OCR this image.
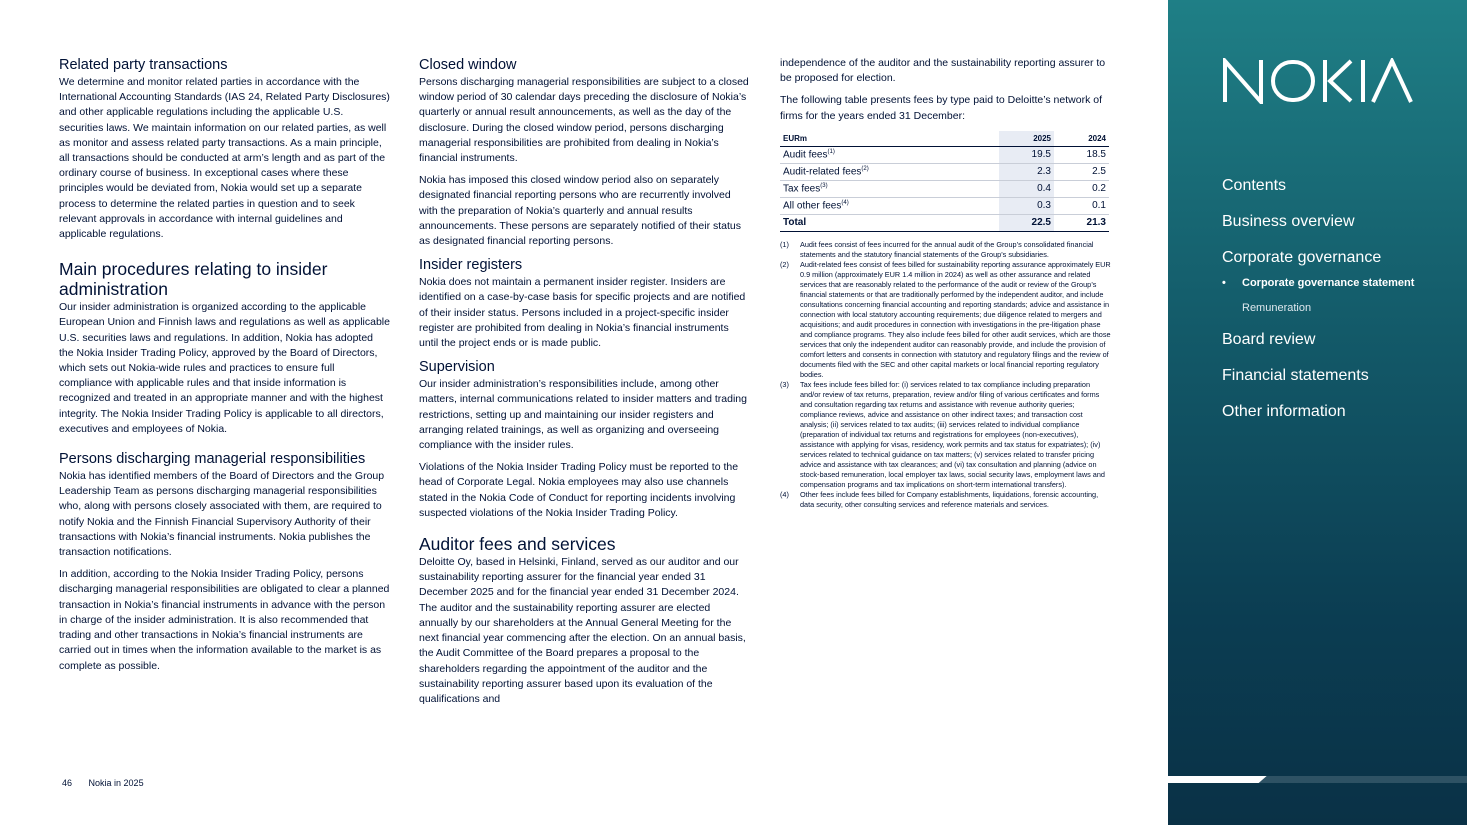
Related party transactions

We determine and monitor related parties in accordance with the International Accounting Standards (IAS 24, Related Party Disclosures) and other applicable regulations including the applicable U.S. securities laws. We maintain information on our related parties, as well as monitor and assess related party transactions. As a main principle, all transactions should be conducted at arm’s length and as part of the ordinary course of business. In exceptional cases where these principles would be deviated from, Nokia would set up a separate process to determine the related parties in question and to seek relevant approvals in accordance with internal guidelines and applicable regulations.

Main procedures relating to insider administration

Our insider administration is organized according to the applicable European Union and Finnish laws and regulations as well as applicable U.S. securities laws and regulations. In addition, Nokia has adopted the Nokia Insider Trading Policy, approved by the Board of Directors, which sets out Nokia-wide rules and practices to ensure full compliance with applicable rules and that inside information is recognized and treated in an appropriate manner and with the highest integrity. The Nokia Insider Trading Policy is applicable to all directors, executives and employees of Nokia.

Persons discharging managerial responsibilities

Nokia has identified members of the Board of Directors and the Group Leadership Team as persons discharging managerial responsibilities who, along with persons closely associated with them, are required to notify Nokia and the Finnish Financial Supervisory Authority of their transactions with Nokia’s financial instruments. Nokia publishes the transaction notifications.

In addition, according to the Nokia Insider Trading Policy, persons discharging managerial responsibilities are obligated to clear a planned transaction in Nokia’s financial instruments in advance with the person in charge of the insider administration. It is also recommended that trading and other transactions in Nokia’s financial instruments are carried out in times when the information available to the market is as complete as possible.

Closed window

Persons discharging managerial responsibilities are subject to a closed window period of 30 calendar days preceding the disclosure of Nokia’s quarterly or annual result announcements, as well as the day of the disclosure. During the closed window period, persons discharging managerial responsibilities are prohibited from dealing in Nokia’s financial instruments.

Nokia has imposed this closed window period also on separately designated financial reporting persons who are recurrently involved with the preparation of Nokia’s quarterly and annual results announcements. These persons are separately notified of their status as designated financial reporting persons.

Insider registers

Nokia does not maintain a permanent insider register. Insiders are identified on a case-by-case basis for specific projects and are notified of their insider status. Persons included in a project-specific insider register are prohibited from dealing in Nokia’s financial instruments until the project ends or is made public.

Supervision

Our insider administration’s responsibilities include, among other matters, internal communications related to insider matters and trading restrictions, setting up and maintaining our insider registers and arranging related trainings, as well as organizing and overseeing compliance with the insider rules.

Violations of the Nokia Insider Trading Policy must be reported to the head of Corporate Legal. Nokia employees may also use channels stated in the Nokia Code of Conduct for reporting incidents involving suspected violations of the Nokia Insider Trading Policy.

Auditor fees and services

Deloitte Oy, based in Helsinki, Finland, served as our auditor and our sustainability reporting assurer for the financial year ended 31 December 2025 and for the financial year ended 31 December 2024. The auditor and the sustainability reporting assurer are elected annually by our shareholders at the Annual General Meeting for the next financial year commencing after the election. On an annual basis, the Audit Committee of the Board prepares a proposal to the shareholders regarding the appointment of the auditor and the sustainability reporting assurer based upon its evaluation of the qualifications and

independence of the auditor and the sustainability reporting assurer to be proposed for election.

The following table presents fees by type paid to Deloitte’s network of firms for the years ended 31 December:

EURm	2025	2024
Audit fees$^{(1)}$	19.5	18.5
Audit-related fees$^{(2)}$	2.3	2.5
Tax fees$^{(3)}$	0.4	0.2
All other fees$^{(4)}$	0.3	0.1
Total	22.5	21.3
(1)	Audit fees consist of fees incurred for the annual audit of the Group’s consolidated financial statements and the statutory financial statements of the Group’s subsidiaries.
(2)	Audit-related fees consist of fees billed for sustainability reporting assurance approximately EUR 0.9 million (approximately EUR 1.4 million in 2024) as well as other assurance and related services that are reasonably related to the performance of the audit or review of the Group’s financial statements or that are traditionally performed by the independent auditor, and include consultations concerning financial accounting and reporting standards; advice and assistance in connection with local statutory accounting requirements; due diligence related to mergers and acquisitions; and audit procedures in connection with investigations in the pre-litigation phase and compliance programs. They also include fees billed for other audit services, which are those services that only the independent auditor can reasonably provide, and include the provision of comfort letters and consents in connection with statutory and regulatory filings and the review of documents filed with the SEC and other capital markets or local financial reporting regulatory bodies.
(3)	Tax fees include fees billed for: (i) services related to tax compliance including preparation and/or review of tax returns, preparation, review and/or filing of various certificates and forms and consultation regarding tax returns and assistance with revenue authority queries; compliance reviews, advice and assistance on other indirect taxes; and transaction cost analysis; (ii) services related to tax audits; (iii) services related to individual compliance (preparation of individual tax returns and registrations for employees (non-executives), assistance with applying for visas, residency, work permits and tax status for expatriates); (iv) services related to technical guidance on tax matters; (v) services related to transfer pricing advice and assistance with tax clearances; and (vi) tax consultation and planning (advice on stock-based remuneration, local employer tax laws, social security laws, employment laws and compensation programs and tax implications on short-term international transfers).
(4)	Other fees include fees billed for Company establishments, liquidations, forensic accounting, data security, other consulting services and reference materials and services.
46 Nokia in 2025
Contents
Business overview
Corporate governance
•	Corporate governance statement
Remuneration
Board review
Financial statements
Other information
